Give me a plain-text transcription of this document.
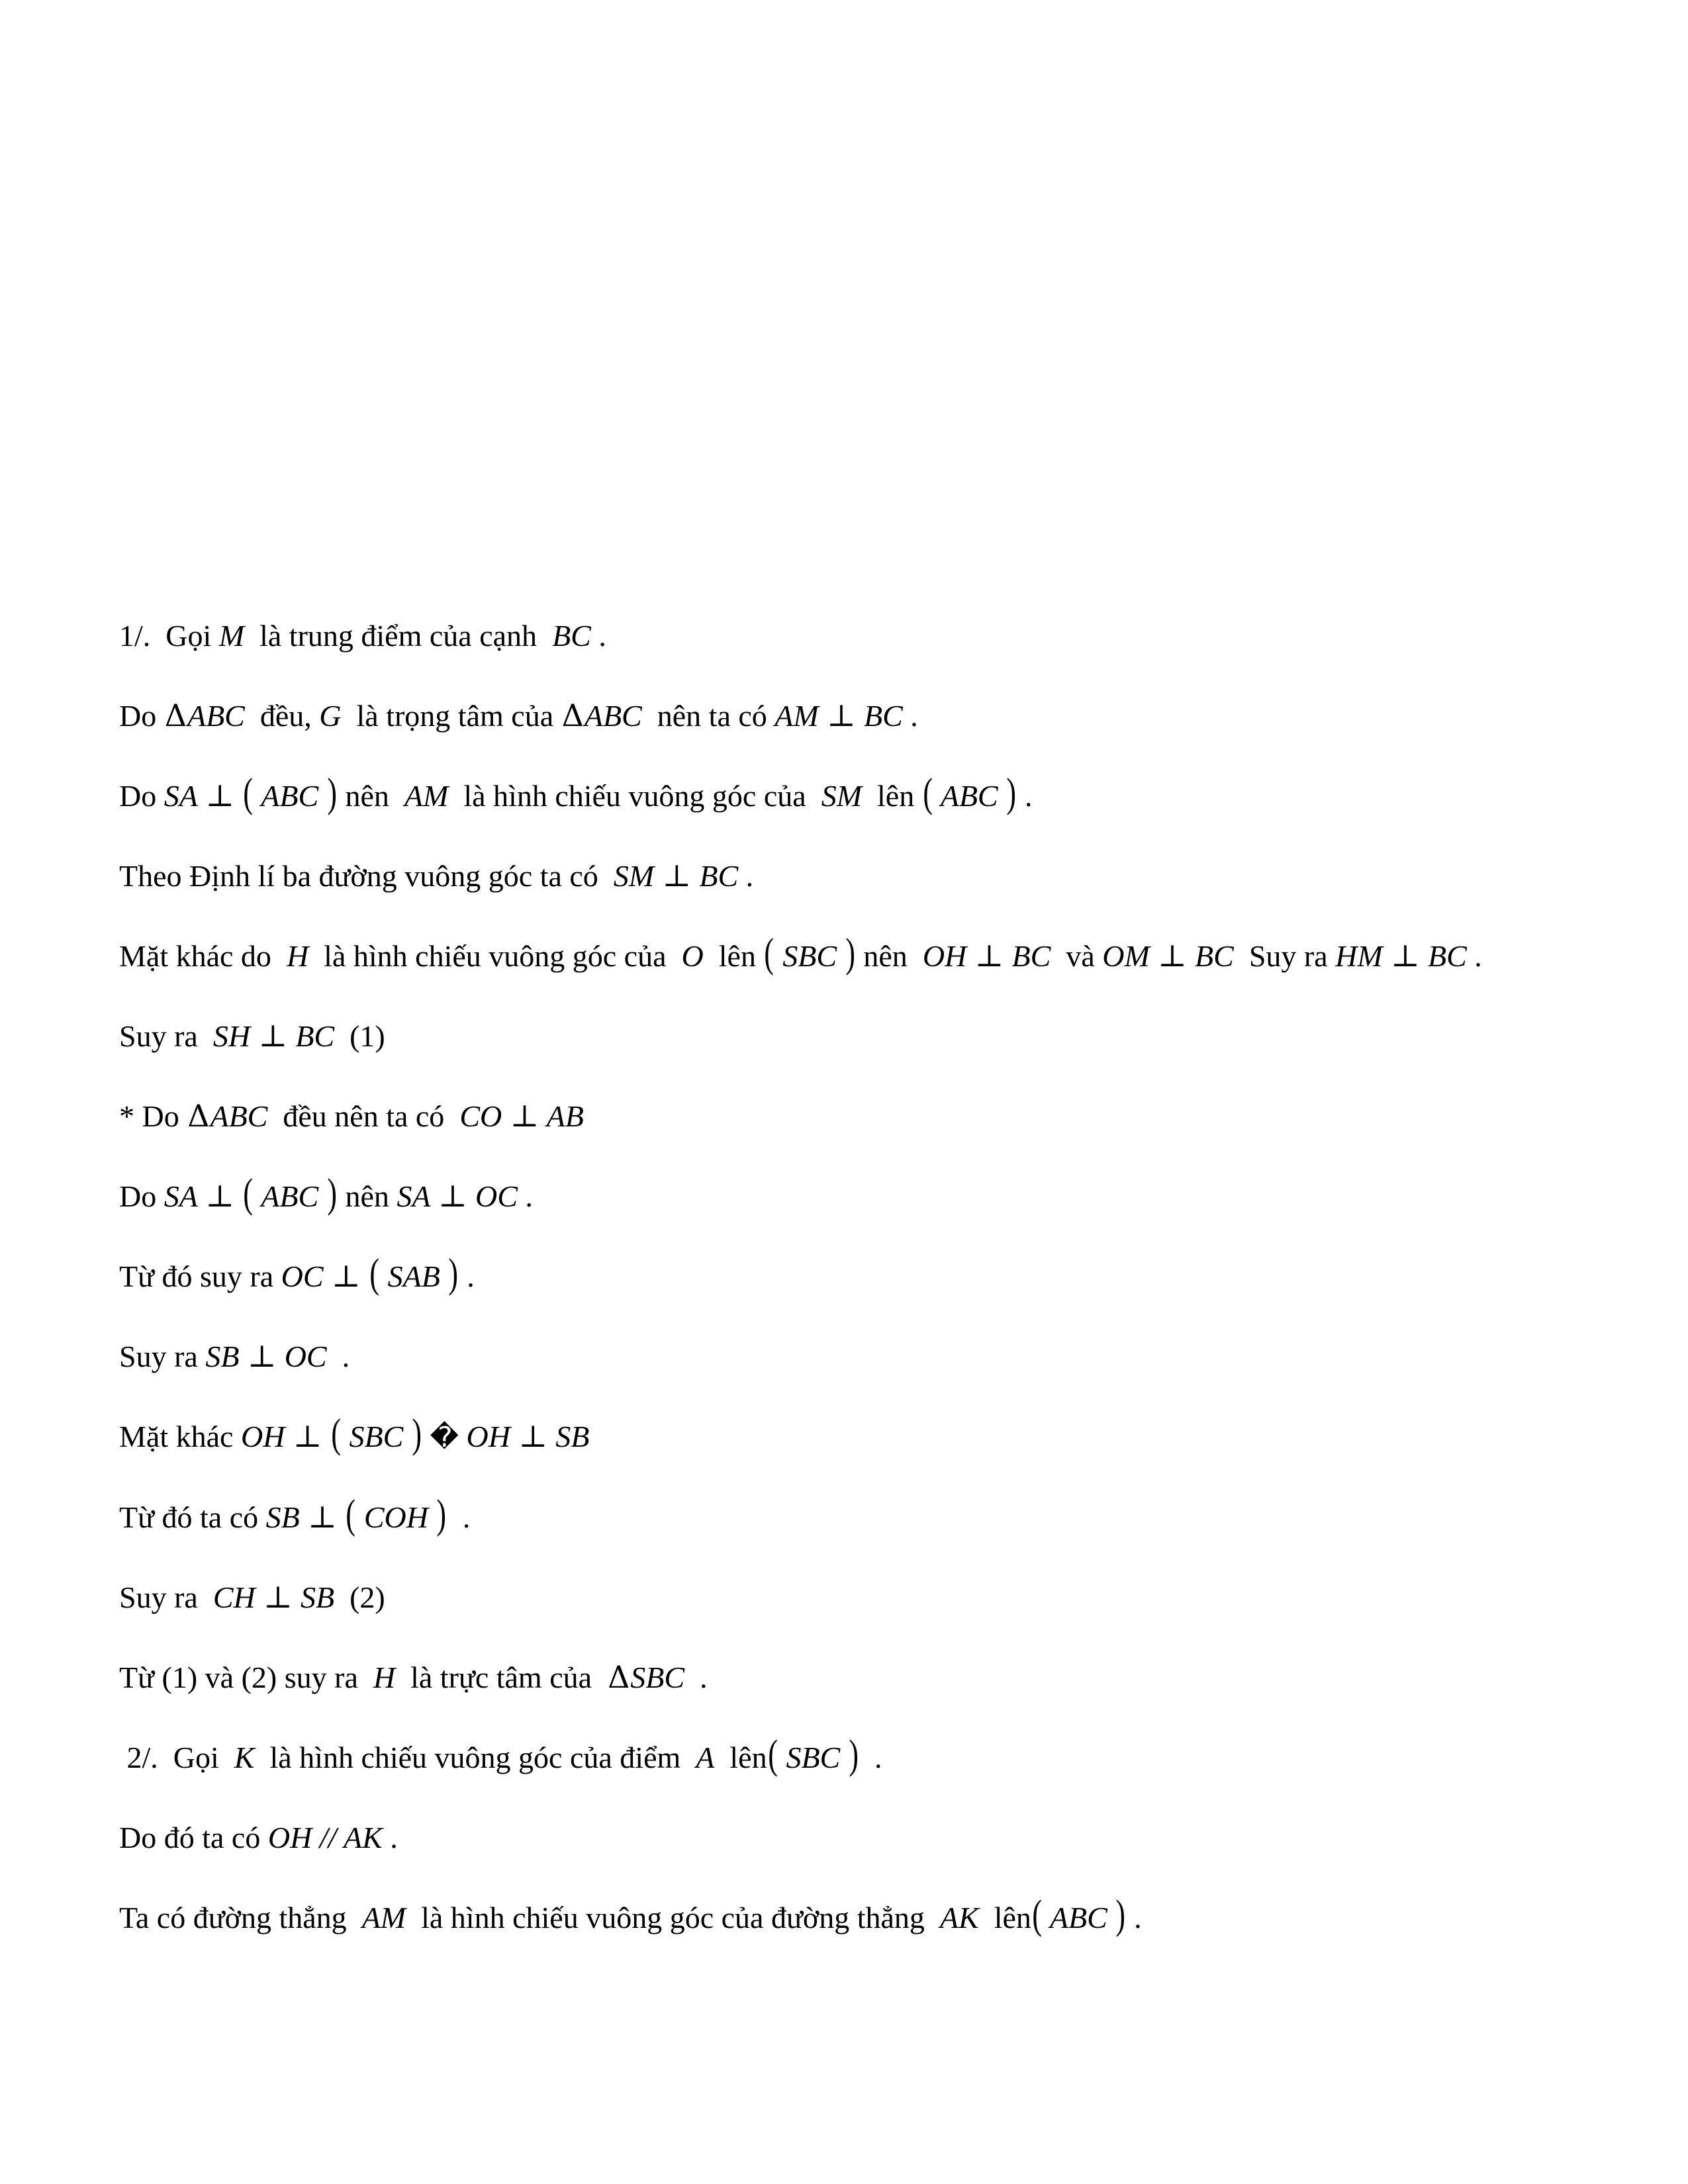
1/.  Gọi M  là trung điểm của cạnh  BC .

Do ΔABC  đều, G  là trọng tâm của ΔABC  nên ta có AM ⊥ BC .

Do SA ⊥ ( ABC ) nên  AM  là hình chiếu vuông góc của  SM  lên ( ABC ) .

Theo Định lí ba đường vuông góc ta có  SM ⊥ BC .

Mặt khác do  H  là hình chiếu vuông góc của  O  lên ( SBC ) nên  OH ⊥ BC  và OM ⊥ BC  Suy ra HM ⊥ BC .

Suy ra  SH ⊥ BC  (1)

* Do ΔABC  đều nên ta có  CO ⊥ AB

Do SA ⊥ ( ABC ) nên SA ⊥ OC .

Từ đó suy ra OC ⊥ ( SAB ) .

Suy ra SB ⊥ OC  .

Mặt khác OH ⊥ ( SBC ) � OH ⊥ SB

Từ đó ta có SB ⊥ ( COH )  .

Suy ra  CH ⊥ SB  (2)

Từ (1) và (2) suy ra  H  là trực tâm của  ΔSBC  .

2/.  Gọi  K  là hình chiếu vuông góc của điểm  A  lên( SBC )  .

Do đó ta có OH // AK .

Ta có đường thẳng  AM  là hình chiếu vuông góc của đường thẳng  AK  lên( ABC ) .
